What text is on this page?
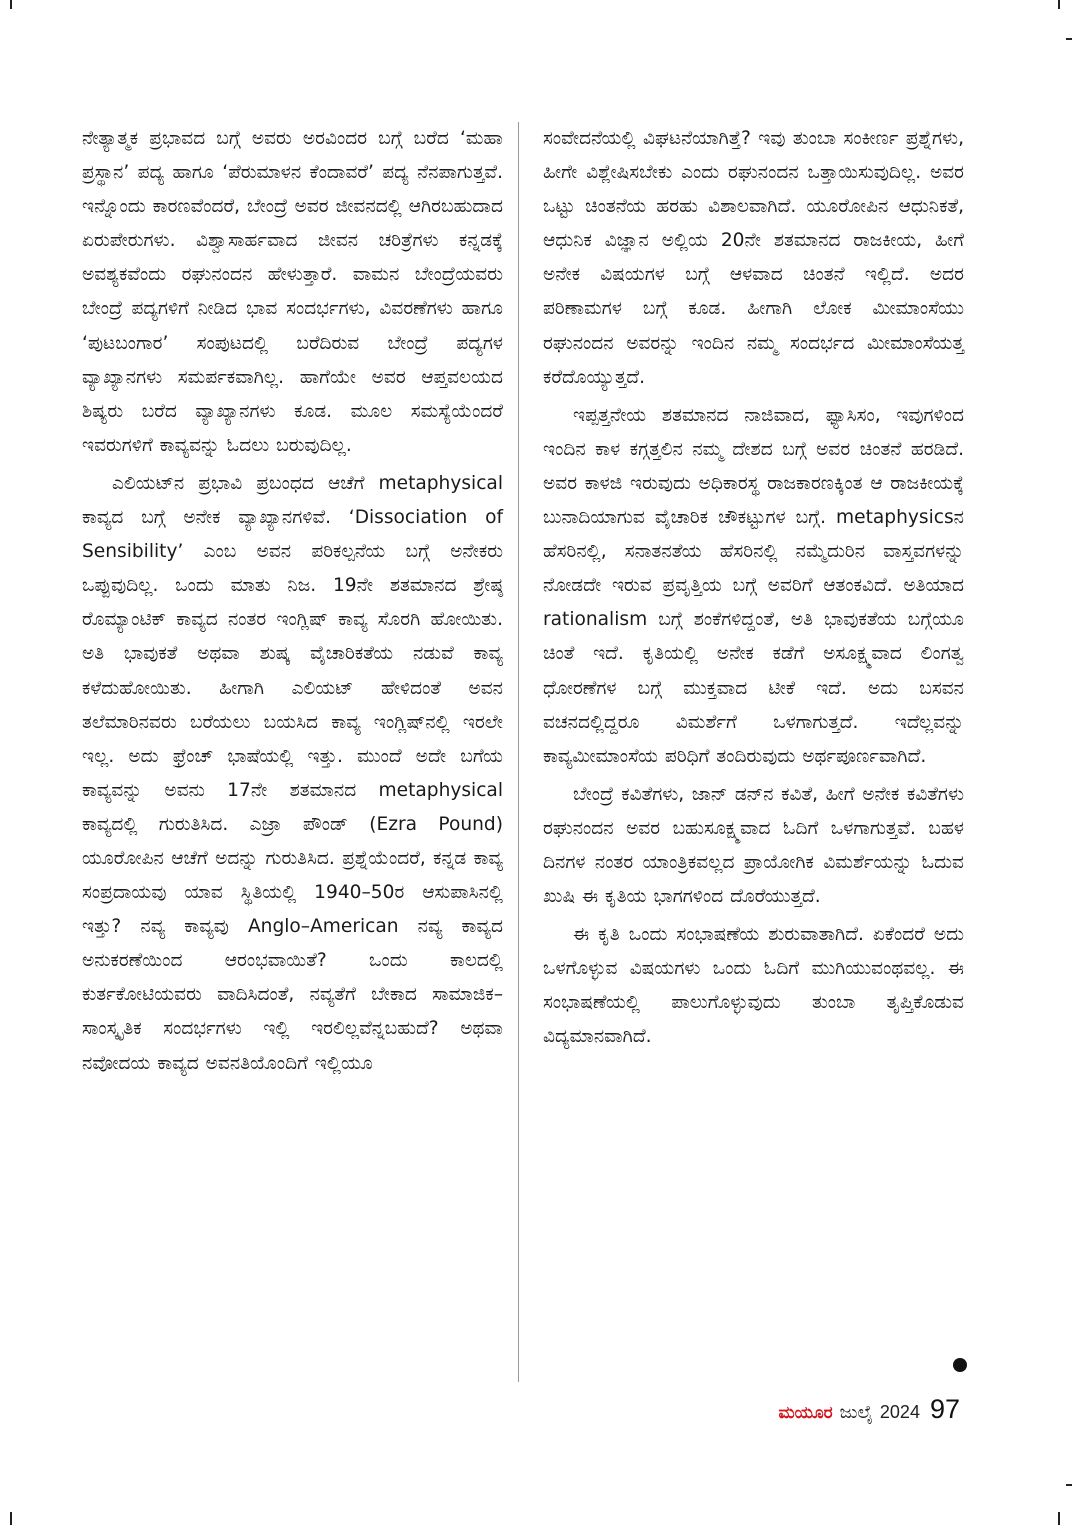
ನೇತ್ಯಾತ್ಮಕ ಪ್ರಭಾವದ ಬಗ್ಗೆ ಅವರು ಅರವಿಂದರ ಬಗ್ಗೆ ಬರೆದ ‘ಮಹಾ ಪ್ರಸ್ಥಾನ’ ಪದ್ಯ ಹಾಗೂ ‘ಪೆರುಮಾಳನ ಕೆಂದಾವರೆ’ ಪದ್ಯ ನೆನಪಾಗುತ್ತವೆ. ಇನ್ನೊಂದು ಕಾರಣವೆಂದರೆ, ಬೇಂದ್ರೆ ಅವರ ಜೀವನದಲ್ಲಿ ಆಗಿರಬಹುದಾದ ಏರುಪೇರುಗಳು. ವಿಶ್ವಾಸಾರ್ಹವಾದ ಜೀವನ ಚರಿತ್ರೆಗಳು ಕನ್ನಡಕ್ಕೆ ಅವಶ್ಯಕವೆಂದು ರಘುನಂದನ ಹೇಳುತ್ತಾರೆ. ವಾಮನ ಬೇಂದ್ರೆಯವರು ಬೇಂದ್ರೆ ಪದ್ಯಗಳಿಗೆ ನೀಡಿದ ಭಾವ ಸಂದರ್ಭಗಳು, ವಿವರಣೆಗಳು ಹಾಗೂ ‘ಪುಟಬಂಗಾರ’ ಸಂಪುಟದಲ್ಲಿ ಬರೆದಿರುವ ಬೇಂದ್ರೆ ಪದ್ಯಗಳ ವ್ಯಾಖ್ಯಾನಗಳು ಸಮರ್ಪಕವಾಗಿಲ್ಲ. ಹಾಗೆಯೇ ಅವರ ಆಪ್ತವಲಯದ ಶಿಷ್ಯರು ಬರೆದ ವ್ಯಾಖ್ಯಾನಗಳು ಕೂಡ. ಮೂಲ ಸಮಸ್ಯೆಯೆಂದರೆ ಇವರುಗಳಿಗೆ ಕಾವ್ಯವನ್ನು ಓದಲು ಬರುವುದಿಲ್ಲ.

ಎಲಿಯಟ್‌ನ ಪ್ರಭಾವಿ ಪ್ರಬಂಧದ ಆಚೆಗೆ metaphysical ಕಾವ್ಯದ ಬಗ್ಗೆ ಅನೇಕ ವ್ಯಾಖ್ಯಾನಗಳಿವೆ. ‘Dissociation of Sensibility’ ಎಂಬ ಅವನ ಪರಿಕಲ್ಪನೆಯ ಬಗ್ಗೆ ಅನೇಕರು ಒಪ್ಪುವುದಿಲ್ಲ. ಒಂದು ಮಾತು ನಿಜ. 19ನೇ ಶತಮಾನದ ಶ್ರೇಷ್ಠ ರೊಮ್ಯಾಂಟಿಕ್ ಕಾವ್ಯದ ನಂತರ ಇಂಗ್ಲಿಷ್ ಕಾವ್ಯ ಸೊರಗಿ ಹೋಯಿತು. ಅತಿ ಭಾವುಕತೆ ಅಥವಾ ಶುಷ್ಕ ವೈಚಾರಿಕತೆಯ ನಡುವೆ ಕಾವ್ಯ ಕಳೆದುಹೋಯಿತು. ಹೀಗಾಗಿ ಎಲಿಯಟ್ ಹೇಳಿದಂತೆ ಅವನ ತಲೆಮಾರಿನವರು ಬರೆಯಲು ಬಯಸಿದ ಕಾವ್ಯ ಇಂಗ್ಲಿಷ್‌ನಲ್ಲಿ ಇರಲೇ ಇಲ್ಲ. ಅದು ಫ್ರೆಂಚ್ ಭಾಷೆಯಲ್ಲಿ ಇತ್ತು. ಮುಂದೆ ಅದೇ ಬಗೆಯ ಕಾವ್ಯವನ್ನು ಅವನು 17ನೇ ಶತಮಾನದ metaphysical ಕಾವ್ಯದಲ್ಲಿ ಗುರುತಿಸಿದ. ಎಜ್ರಾ ಪೌಂಡ್ (Ezra Pound) ಯೂರೋಪಿನ ಆಚೆಗೆ ಅದನ್ನು ಗುರುತಿಸಿದ. ಪ್ರಶ್ನೆಯೆಂದರೆ, ಕನ್ನಡ ಕಾವ್ಯ ಸಂಪ್ರದಾಯವು ಯಾವ ಸ್ಥಿತಿಯಲ್ಲಿ 1940–50ರ ಆಸುಪಾಸಿನಲ್ಲಿ ಇತ್ತು? ನವ್ಯ ಕಾವ್ಯವು Anglo–American ನವ್ಯ ಕಾವ್ಯದ ಅನುಕರಣೆಯಿಂದ ಆರಂಭವಾಯಿತೆ? ಒಂದು ಕಾಲದಲ್ಲಿ ಕುರ್ತಕೋಟಿಯವರು ವಾದಿಸಿದಂತೆ, ನವ್ಯತೆಗೆ ಬೇಕಾದ ಸಾಮಾಜಿಕ–ಸಾಂಸ್ಕೃತಿಕ ಸಂದರ್ಭಗಳು ಇಲ್ಲಿ ಇರಲಿಲ್ಲವೆನ್ನಬಹುದೆ? ಅಥವಾ ನವೋದಯ ಕಾವ್ಯದ ಅವನತಿಯೊಂದಿಗೆ ಇಲ್ಲಿಯೂ

ಸಂವೇದನೆಯಲ್ಲಿ ವಿಘಟನೆಯಾಗಿತ್ತೆ? ಇವು ತುಂಬಾ ಸಂಕೀರ್ಣ ಪ್ರಶ್ನೆಗಳು, ಹೀಗೇ ವಿಶ್ಲೇಷಿಸಬೇಕು ಎಂದು ರಘುನಂದನ ಒತ್ತಾಯಿಸುವುದಿಲ್ಲ. ಅವರ ಒಟ್ಟು ಚಿಂತನೆಯ ಹರಹು ವಿಶಾಲವಾಗಿದೆ. ಯೂರೋಪಿನ ಆಧುನಿಕತೆ, ಆಧುನಿಕ ವಿಜ್ಞಾನ ಅಲ್ಲಿಯ 20ನೇ ಶತಮಾನದ ರಾಜಕೀಯ, ಹೀಗೆ ಅನೇಕ ವಿಷಯಗಳ ಬಗ್ಗೆ ಆಳವಾದ ಚಿಂತನೆ ಇಲ್ಲಿದೆ. ಅದರ ಪರಿಣಾಮಗಳ ಬಗ್ಗೆ ಕೂಡ. ಹೀಗಾಗಿ ಲೋಕ ಮೀಮಾಂಸೆಯು ರಘುನಂದನ ಅವರನ್ನು ಇಂದಿನ ನಮ್ಮ ಸಂದರ್ಭದ ಮೀಮಾಂಸೆಯತ್ತ ಕರೆದೊಯ್ಯುತ್ತದೆ.

ಇಪ್ಪತ್ತನೇಯ ಶತಮಾನದ ನಾಜಿವಾದ, ಫ್ಯಾಸಿಸಂ, ಇವುಗಳಿಂದ ಇಂದಿನ ಕಾಳ ಕಗ್ಗತ್ತಲಿನ ನಮ್ಮ ದೇಶದ ಬಗ್ಗೆ ಅವರ ಚಿಂತನೆ ಹರಡಿದೆ. ಅವರ ಕಾಳಜಿ ಇರುವುದು ಅಧಿಕಾರಸ್ಥ ರಾಜಕಾರಣಕ್ಕಿಂತ ಆ ರಾಜಕೀಯಕ್ಕೆ ಬುನಾದಿಯಾಗುವ ವೈಚಾರಿಕ ಚೌಕಟ್ಟುಗಳ ಬಗ್ಗೆ. metaphysicsನ ಹೆಸರಿನಲ್ಲಿ, ಸನಾತನತೆಯ ಹೆಸರಿನಲ್ಲಿ ನಮ್ಮೆದುರಿನ ವಾಸ್ತವಗಳನ್ನು ನೋಡದೇ ಇರುವ ಪ್ರವೃತ್ತಿಯ ಬಗ್ಗೆ ಅವರಿಗೆ ಆತಂಕವಿದೆ. ಅತಿಯಾದ rationalism ಬಗ್ಗೆ ಶಂಕೆಗಳಿದ್ದಂತೆ, ಅತಿ ಭಾವುಕತೆಯ ಬಗ್ಗೆಯೂ ಚಿಂತೆ ಇದೆ. ಕೃತಿಯಲ್ಲಿ ಅನೇಕ ಕಡೆಗೆ ಅಸೂಕ್ಷ್ಮವಾದ ಲಿಂಗತ್ವ ಧೋರಣೆಗಳ ಬಗ್ಗೆ ಮುಕ್ತವಾದ ಟೀಕೆ ಇದೆ. ಅದು ಬಸವನ ವಚನದಲ್ಲಿದ್ದರೂ ವಿಮರ್ಶೆಗೆ ಒಳಗಾಗುತ್ತದೆ. ಇದೆಲ್ಲವನ್ನು ಕಾವ್ಯಮೀಮಾಂಸೆಯ ಪರಿಧಿಗೆ ತಂದಿರುವುದು ಅರ್ಥಪೂರ್ಣವಾಗಿದೆ.

ಬೇಂದ್ರೆ ಕವಿತೆಗಳು, ಜಾನ್ ಡನ್‌ನ ಕವಿತೆ, ಹೀಗೆ ಅನೇಕ ಕವಿತೆಗಳು ರಘುನಂದನ ಅವರ ಬಹುಸೂಕ್ಷ್ಮವಾದ ಓದಿಗೆ ಒಳಗಾಗುತ್ತವೆ. ಬಹಳ ದಿನಗಳ ನಂತರ ಯಾಂತ್ರಿಕವಲ್ಲದ ಪ್ರಾಯೋಗಿಕ ವಿಮರ್ಶೆಯನ್ನು ಓದುವ ಖುಷಿ ಈ ಕೃತಿಯ ಭಾಗಗಳಿಂದ ದೊರೆಯುತ್ತದೆ.

ಈ ಕೃತಿ ಒಂದು ಸಂಭಾಷಣೆಯ ಶುರುವಾತಾಗಿದೆ. ಏಕೆಂದರೆ ಅದು ಒಳಗೊಳ್ಳುವ ವಿಷಯಗಳು ಒಂದು ಓದಿಗೆ ಮುಗಿಯುವಂಥವಲ್ಲ. ಈ ಸಂಭಾಷಣೆಯಲ್ಲಿ ಪಾಲುಗೊಳ್ಳುವುದು ತುಂಬಾ ತೃಪ್ತಿಕೊಡುವ ವಿದ್ಯಮಾನವಾಗಿದೆ.

ಮಯೂರ ಜುಲೈ 2024 97
